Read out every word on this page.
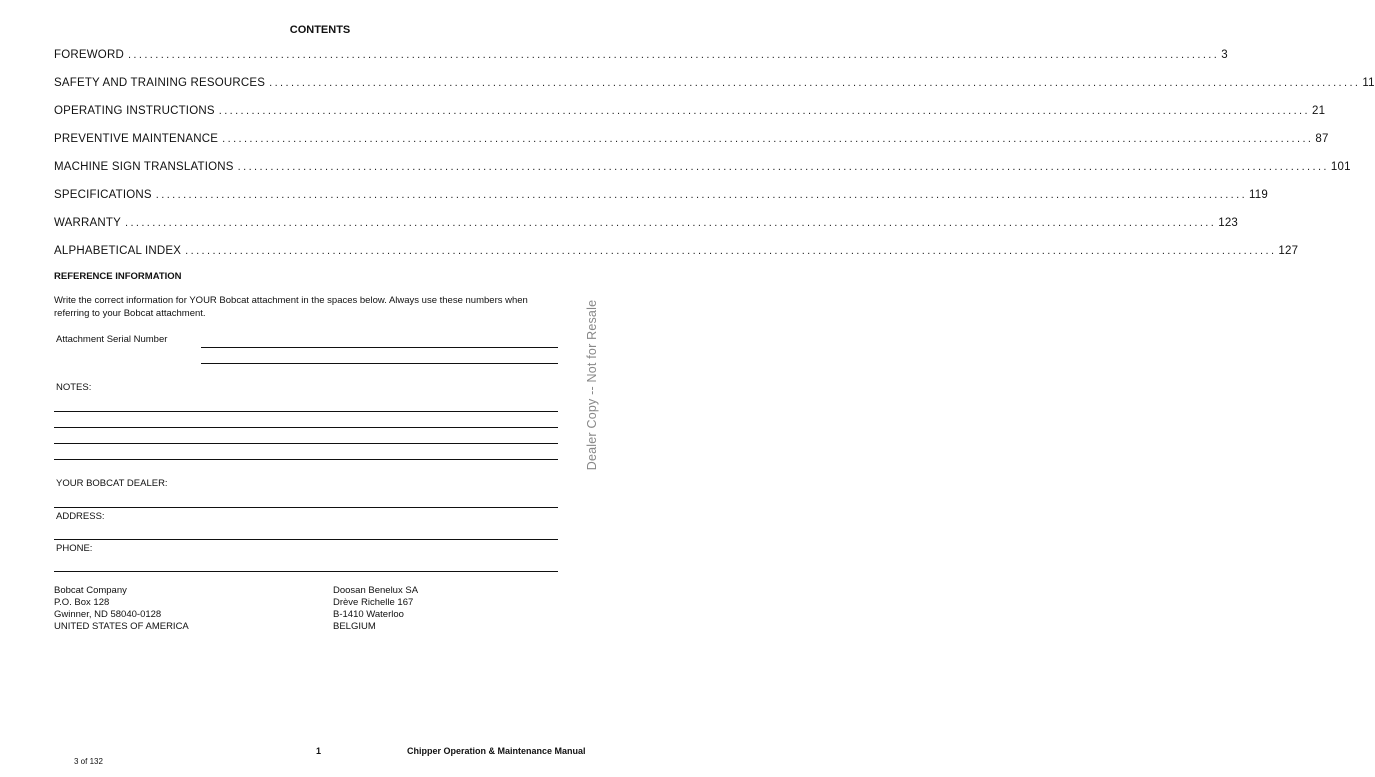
CONTENTS
FOREWORD ........................................................................................................................................................................................................ 3
SAFETY AND TRAINING RESOURCES ........................................................................................................................................................................................................ 11
OPERATING INSTRUCTIONS ........................................................................................................................................................................................................ 21
PREVENTIVE MAINTENANCE ........................................................................................................................................................................................................ 87
MACHINE SIGN TRANSLATIONS ........................................................................................................................................................................................................ 101
SPECIFICATIONS ........................................................................................................................................................................................................ 119
WARRANTY ........................................................................................................................................................................................................ 123
ALPHABETICAL INDEX ........................................................................................................................................................................................................ 127
REFERENCE INFORMATION
Write the correct information for YOUR Bobcat attachment in the spaces below. Always use these numbers when referring to your Bobcat attachment.
Attachment Serial Number
NOTES:
YOUR BOBCAT DEALER:
ADDRESS:
PHONE:
Bobcat Company
P.O. Box 128
Gwinner, ND 58040-0128
UNITED STATES OF AMERICA
Doosan Benelux SA
Drève Richelle 167
B-1410 Waterloo
BELGIUM
Dealer Copy -- Not for Resale
1	Chipper Operation & Maintenance Manual
3 of 132
